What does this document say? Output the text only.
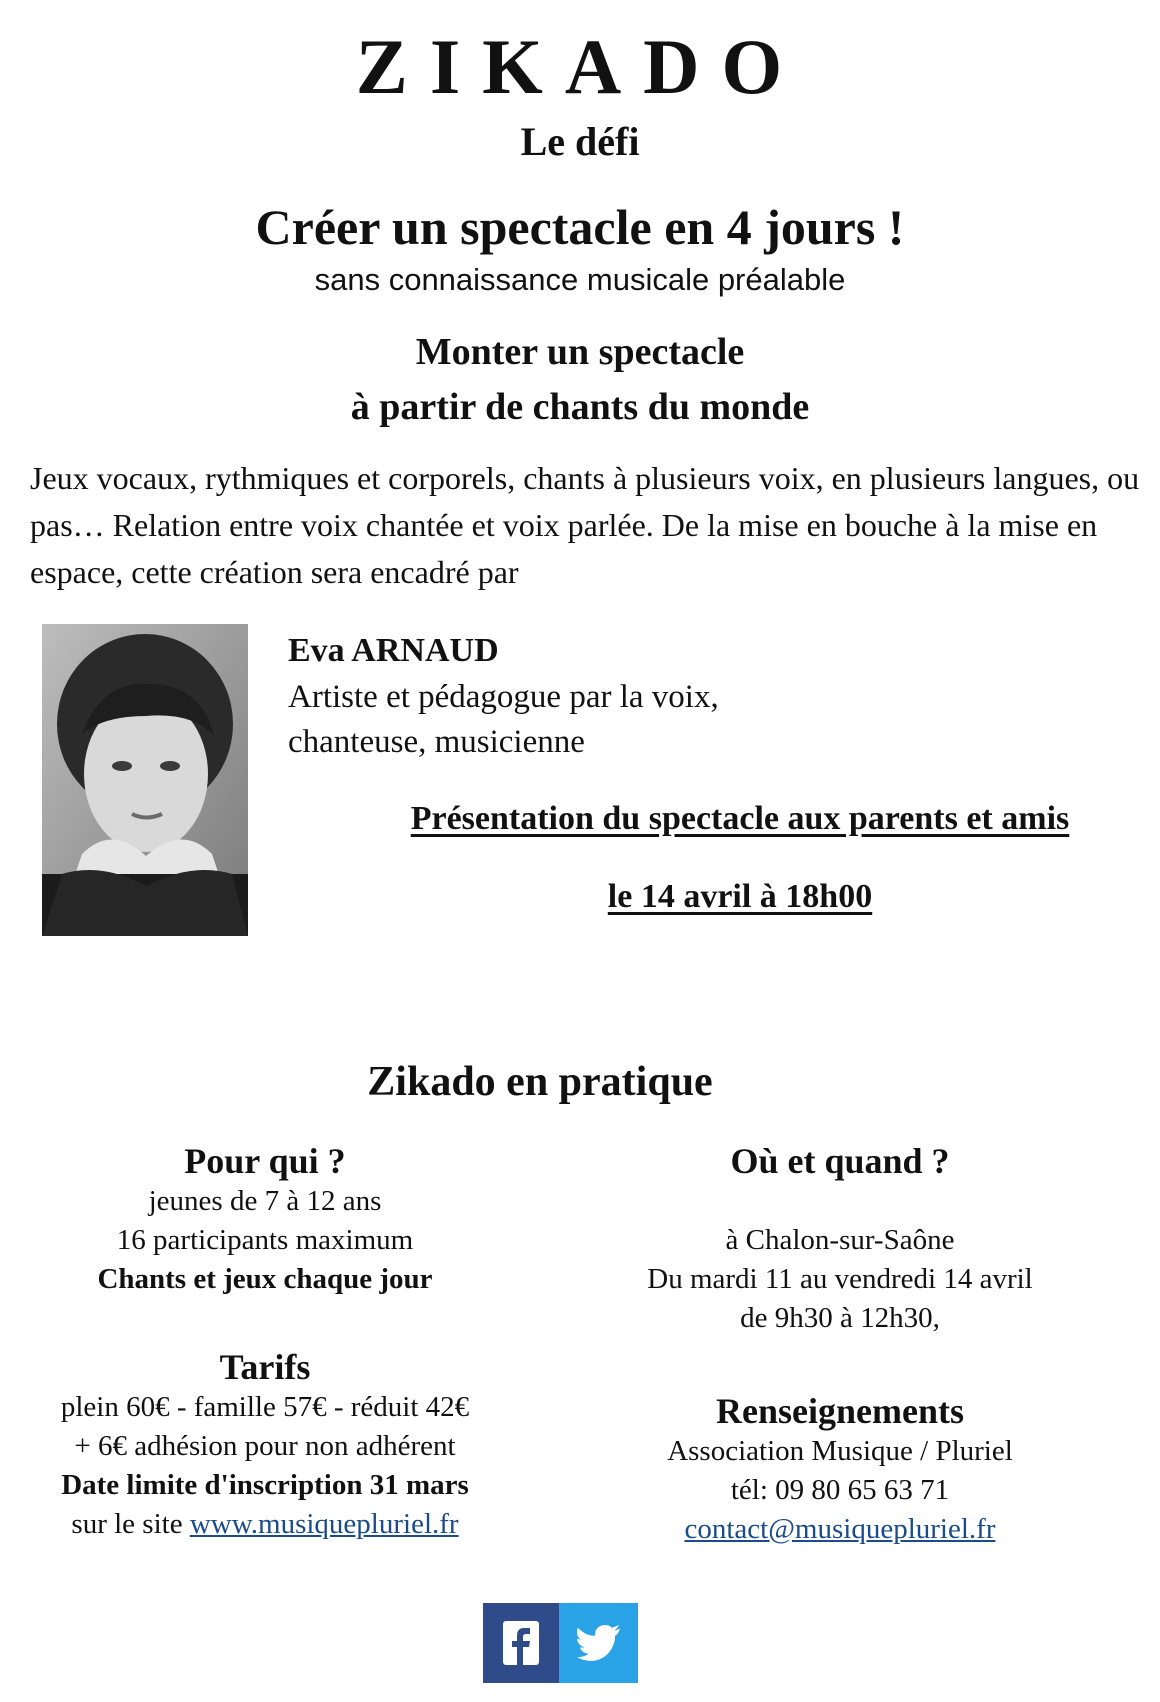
ZIKADO
Le défi
Créer un spectacle en 4 jours !
sans connaissance musicale préalable
Monter un spectacle
à partir de chants du monde
Jeux vocaux, rythmiques et corporels, chants à plusieurs voix, en plusieurs langues, ou pas… Relation entre voix chantée et voix parlée. De la mise en bouche à la mise en espace, cette création sera encadré par
Eva ARNAUD
Artiste et pédagogue par la voix,
chanteuse, musicienne
Présentation du spectacle aux parents et amis
le 14 avril à 18h00
Zikado en pratique
Pour qui ?
jeunes de 7 à 12 ans
16 participants maximum
Chants et jeux chaque jour
Tarifs
plein 60€ - famille 57€ - réduit 42€
+ 6€ adhésion pour non adhérent
Date limite d'inscription 31 mars
sur le site www.musiquepluriel.fr
Où et quand ?
à Chalon-sur-Saône
Du mardi 11 au vendredi 14 avril
de 9h30 à 12h30,
Renseignements
Association Musique / Pluriel
tél: 09 80 65 63 71
contact@musiquepluriel.fr
